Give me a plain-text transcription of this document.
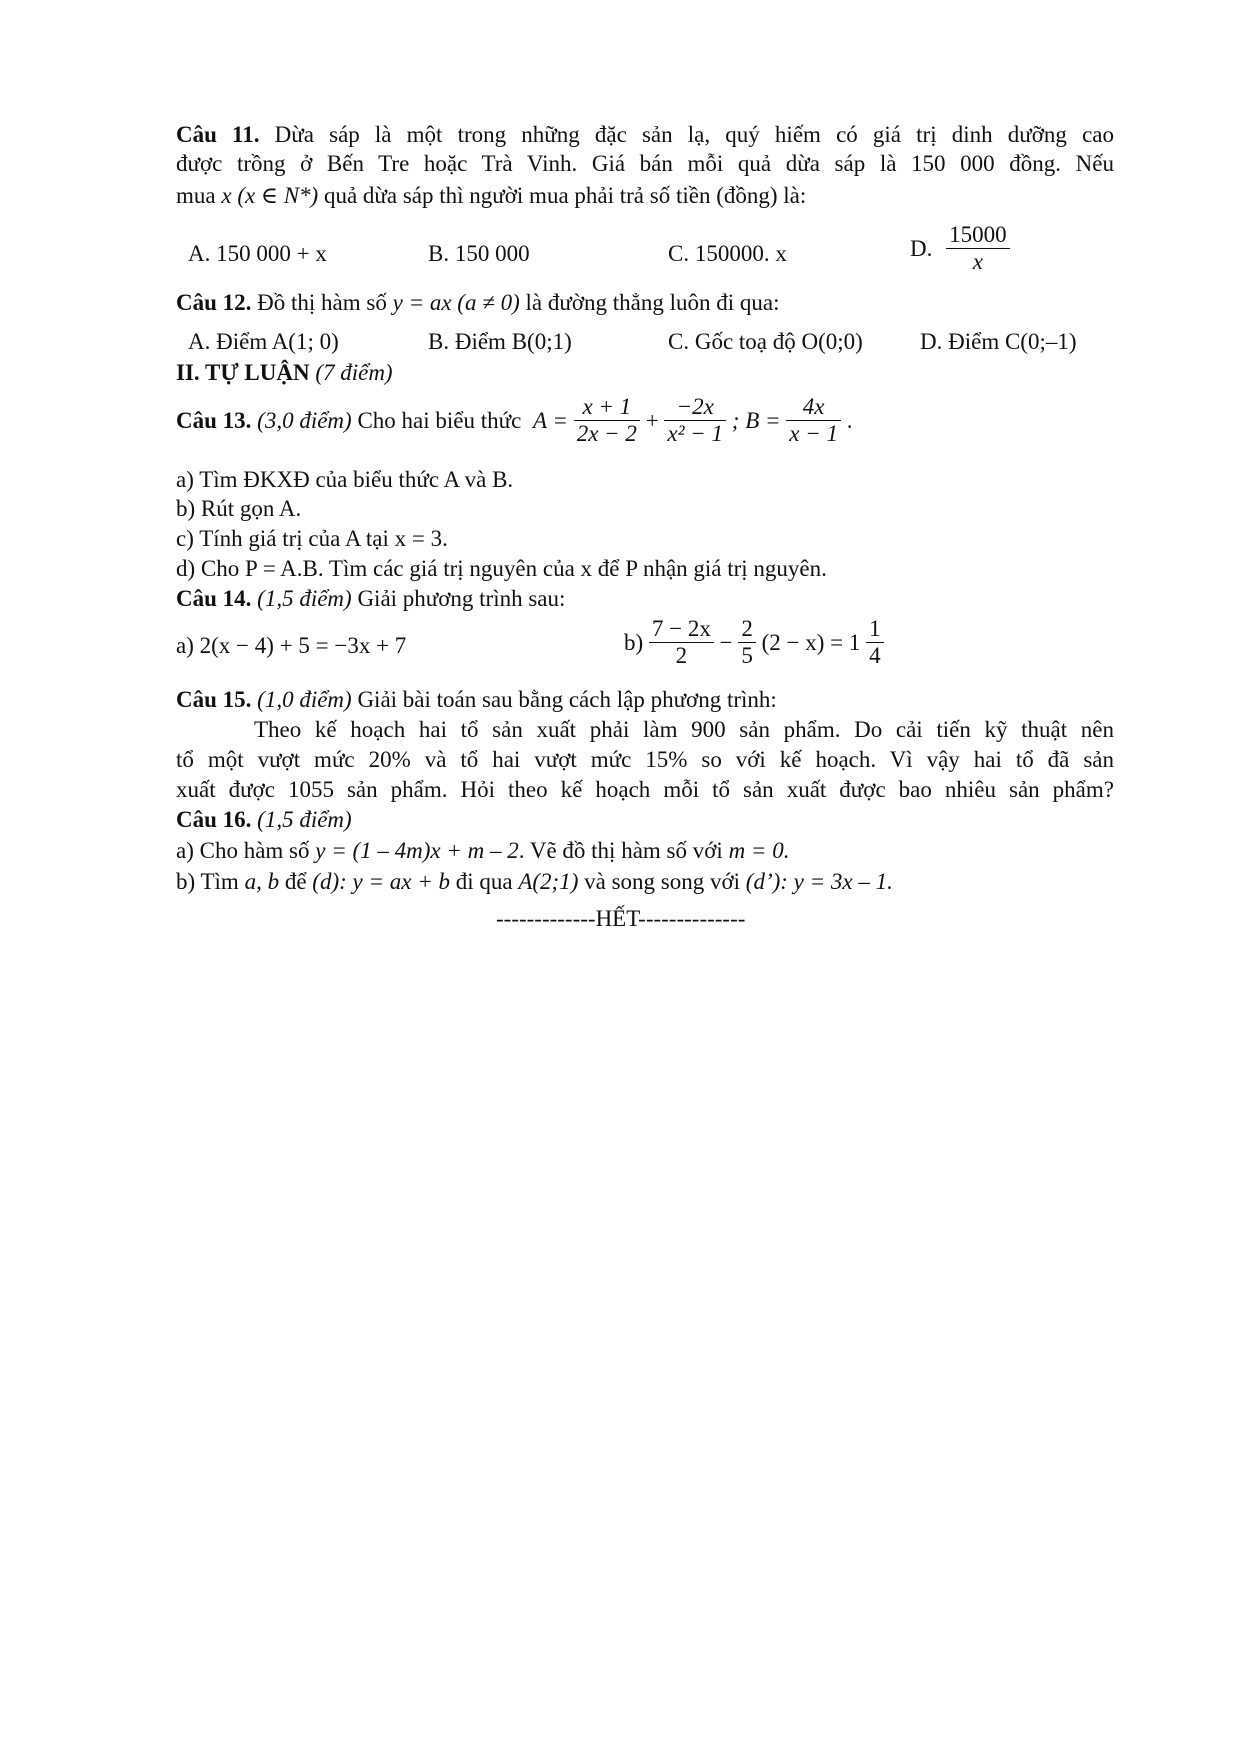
Câu 11. Dừa sáp là một trong những đặc sản lạ, quý hiếm có giá trị dinh dưỡng cao
được trồng ở Bến Tre hoặc Trà Vinh. Giá bán mỗi quả dừa sáp là 150 000 đồng. Nếu
mua x (x ∈ N*) quả dừa sáp thì người mua phải trả số tiền (đồng) là:
A. 150 000 + x	B. 150 000	C. 150000. x	D. $\frac{15000}{x}$
Câu 12. Đồ thị hàm số y = ax (a ≠ 0) là đường thẳng luôn đi qua:
A. Điểm A(1; 0)	B. Điểm B(0;1)	C. Gốc toạ độ O(0;0) D. Điểm C(0;–1)
II. TỰ LUẬN (7 điểm)
Câu 13. (3,0 điểm) Cho hai biểu thức $A = \frac{x + 1}{2x - 2} + \frac{-2x}{\text{x² − 1}}$ ; $B = \frac{4x}{x - 1}$ .
a) Tìm ĐKXĐ của biểu thức A và B.
b) Rút gọn A.
c) Tính giá trị của A tại x = 3.
d) Cho P = A.B. Tìm các giá trị nguyên của x để P nhận giá trị nguyên.
Câu 14. (1,5 điểm) Giải phương trình sau:
a) 2(x − 4) + 5 = −3x + 7	$b) \frac{7 - 2x}{2} - \frac{2}{5} (2 - x) = 1 \frac{1}{4}$
Câu 15. (1,0 điểm) Giải bài toán sau bằng cách lập phương trình:
Theo kế hoạch hai tổ sản xuất phải làm 900 sản phẩm. Do cải tiến kỹ thuật nên
tổ một vượt mức 20% và tổ hai vượt mức 15% so với kế hoạch. Vì vậy hai tổ đã sản
xuất được 1055 sản phẩm. Hỏi theo kế hoạch mỗi tổ sản xuất được bao nhiêu sản phẩm?
Câu 16. (1,5 điểm)
a) Cho hàm số y = (1 – 4m)x + m – 2. Vẽ đồ thị hàm số với m = 0.
b) Tìm a, b để (d): y = ax + b đi qua A(2;1) và song song với (d’): y = 3x – 1.
-------------HẾT--------------
